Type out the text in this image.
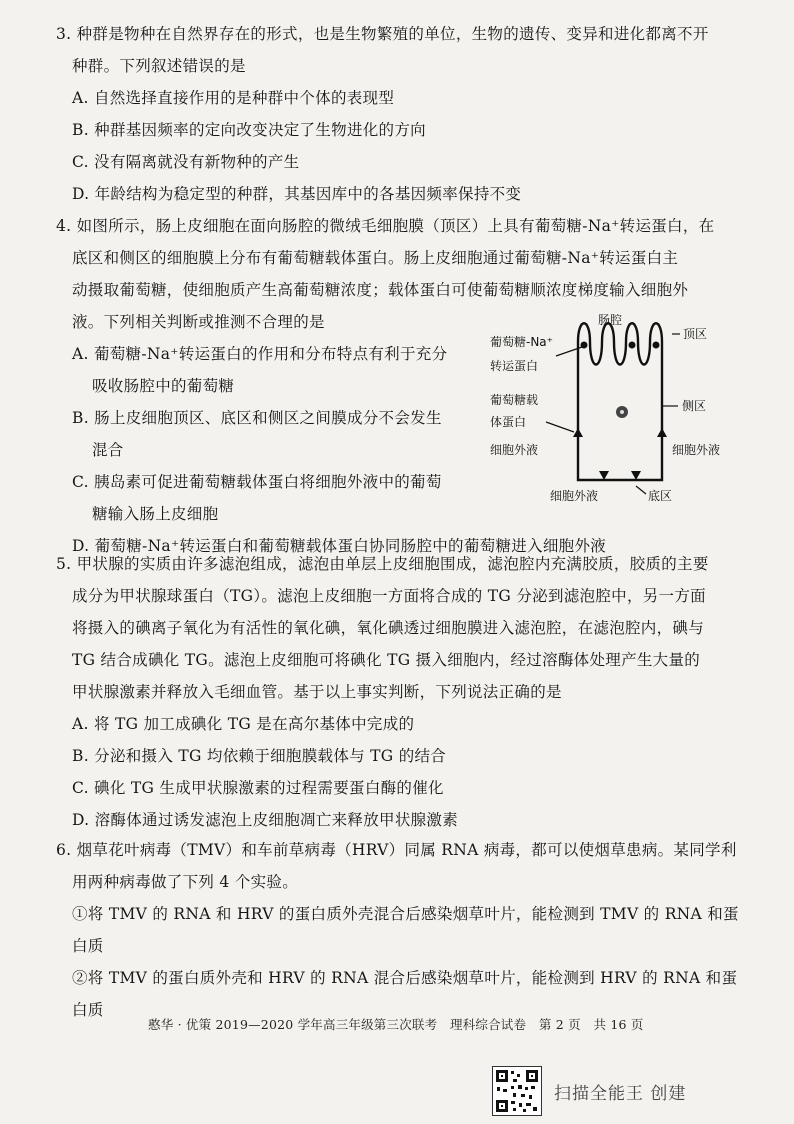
3. 种群是物种在自然界存在的形式，也是生物繁殖的单位，生物的遗传、变异和进化都离不开

种群。下列叙述错误的是

A. 自然选择直接作用的是种群中个体的表现型

B. 种群基因频率的定向改变决定了生物进化的方向

C. 没有隔离就没有新物种的产生

D. 年龄结构为稳定型的种群，其基因库中的各基因频率保持不变

4. 如图所示，肠上皮细胞在面向肠腔的微绒毛细胞膜（顶区）上具有葡萄糖-Na⁺转运蛋白，在

底区和侧区的细胞膜上分布有葡萄糖载体蛋白。肠上皮细胞通过葡萄糖-Na⁺转运蛋白主

动摄取葡萄糖，使细胞质产生高葡萄糖浓度；载体蛋白可使葡萄糖顺浓度梯度输入细胞外

液。下列相关判断或推测不合理的是

A. 葡萄糖-Na⁺转运蛋白的作用和分布特点有利于充分

吸收肠腔中的葡萄糖

B. 肠上皮细胞顶区、底区和侧区之间膜成分不会发生

混合

C. 胰岛素可促进葡萄糖载体蛋白将细胞外液中的葡萄

糖输入肠上皮细胞

D. 葡萄糖-Na⁺转运蛋白和葡萄糖载体蛋白协同肠腔中的葡萄糖进入细胞外液

肠腔
顶区
葡萄糖-Na⁺
转运蛋白
葡萄糖载
体蛋白
侧区
细胞外液	细胞外液
细胞外液	底区

5. 甲状腺的实质由许多滤泡组成，滤泡由单层上皮细胞围成，滤泡腔内充满胶质，胶质的主要

成分为甲状腺球蛋白（TG）。滤泡上皮细胞一方面将合成的 TG 分泌到滤泡腔中，另一方面

将摄入的碘离子氧化为有活性的氧化碘，氧化碘透过细胞膜进入滤泡腔，在滤泡腔内，碘与

TG 结合成碘化 TG。滤泡上皮细胞可将碘化 TG 摄入细胞内，经过溶酶体处理产生大量的

甲状腺激素并释放入毛细血管。基于以上事实判断，下列说法正确的是

A. 将 TG 加工成碘化 TG 是在高尔基体中完成的

B. 分泌和摄入 TG 均依赖于细胞膜载体与 TG 的结合

C. 碘化 TG 生成甲状腺激素的过程需要蛋白酶的催化

D. 溶酶体通过诱发滤泡上皮细胞凋亡来释放甲状腺激素

6. 烟草花叶病毒（TMV）和车前草病毒（HRV）同属 RNA 病毒，都可以使烟草患病。某同学利

用两种病毒做了下列 4 个实验。

①将 TMV 的 RNA 和 HRV 的蛋白质外壳混合后感染烟草叶片，能检测到 TMV 的 RNA 和蛋

白质

②将 TMV 的蛋白质外壳和 HRV 的 RNA 混合后感染烟草叶片，能检测到 HRV 的 RNA 和蛋

白质

憨华 · 优策 2019—2020 学年高三年级第三次联考　理科综合试卷　第 2 页　共 16 页
扫描全能王 创建
